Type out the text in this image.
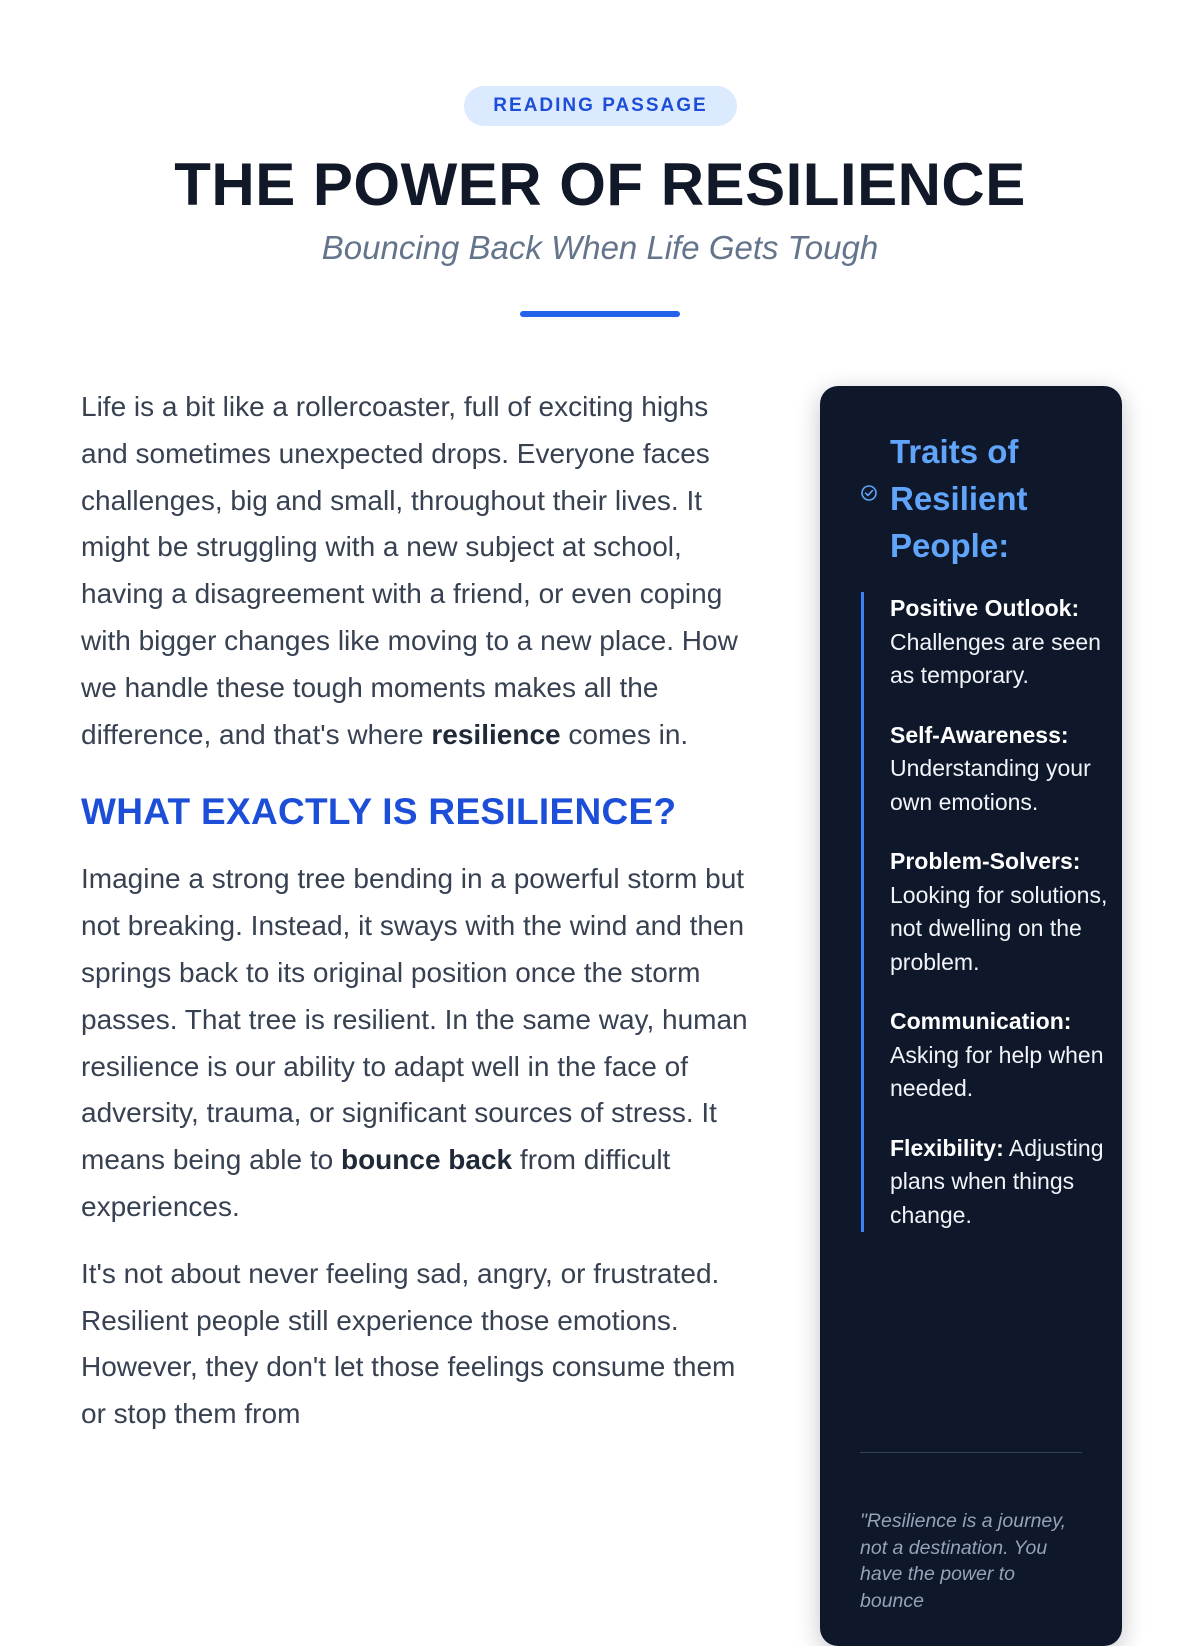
READING PASSAGE
THE POWER OF RESILIENCE

Bouncing Back When Life Gets Tough

Life is a bit like a rollercoaster, full of exciting highs and sometimes unexpected drops. Everyone faces challenges, big and small, throughout their lives. It might be struggling with a new subject at school, having a disagreement with a friend, or even coping with bigger changes like moving to a new place. How we handle these tough moments makes all the difference, and that's where resilience comes in.

WHAT EXACTLY IS RESILIENCE?

Imagine a strong tree bending in a powerful storm but not breaking. Instead, it sways with the wind and then springs back to its original position once the storm passes. That tree is resilient. In the same way, human resilience is our ability to adapt well in the face of adversity, trauma, or significant sources of stress. It means being able to bounce back from difficult experiences.

It's not about never feeling sad, angry, or frustrated. Resilient people still experience those emotions. However, they don't let those feelings consume them or stop them from

Traits of Resilient People:
Positive Outlook: Challenges are seen as temporary.
Self-Awareness: Understanding your own emotions.
Problem-Solvers: Looking for solutions, not dwelling on the problem.
Communication: Asking for help when needed.
Flexibility: Adjusting plans when things change.

"Resilience is a journey, not a destination. You have the power to bounce
